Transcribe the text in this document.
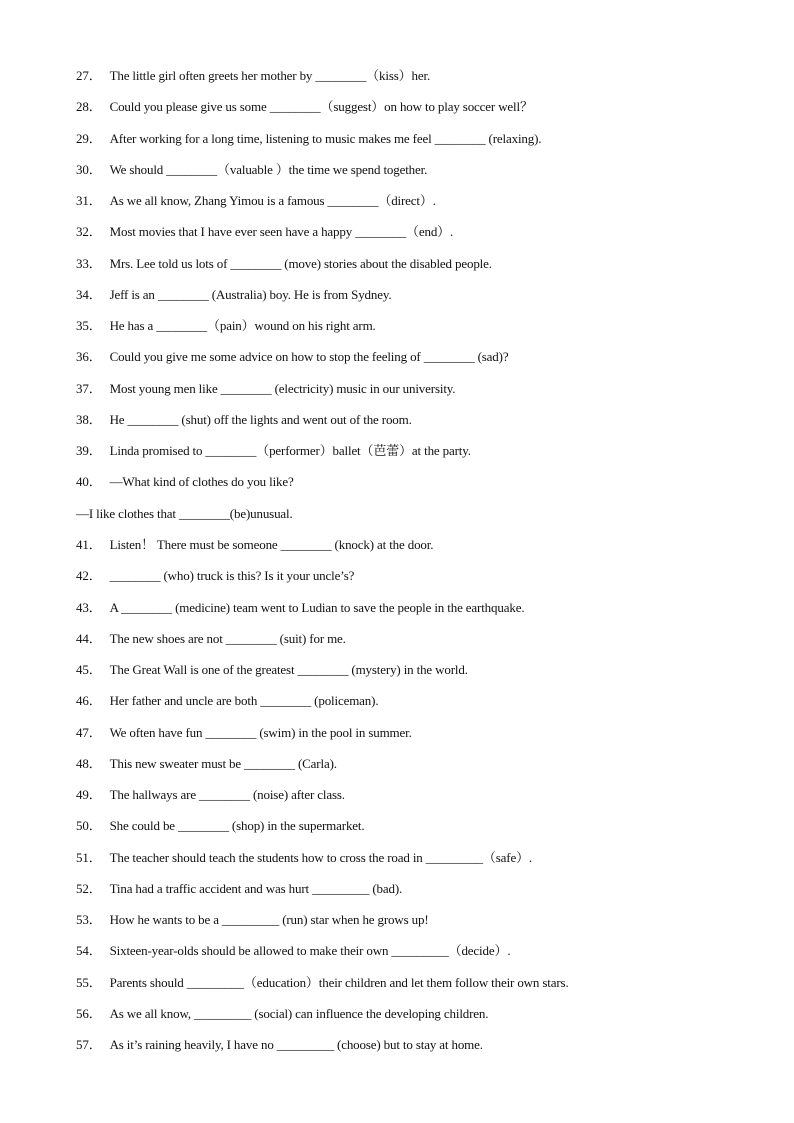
27． The little girl often greets her mother by ________（kiss）her.
28． Could you please give us some ________（suggest）on how to play soccer well？
29． After working for a long time, listening to music makes me feel ________ (relaxing).
30． We should ________（valuable ）the time we spend together.
31． As we all know, Zhang Yimou is a famous ________（direct）.
32． Most movies that I have ever seen have a happy ________（end）.
33． Mrs. Lee told us lots of ________ (move) stories about the disabled people.
34． Jeff is an ________ (Australia) boy. He is from Sydney.
35． He has a ________（pain）wound on his right arm.
36． Could you give me some advice on how to stop the feeling of ________ (sad)?
37． Most young men like ________ (electricity) music in our university.
38． He ________ (shut) off the lights and went out of the room.
39． Linda promised to ________（performer）ballet（芭蕾）at the party.
40． —What kind of clothes do you like?
—I like clothes that ________(be)unusual.
41． Listen！ There must be someone ________ (knock) at the door.
42． ________ (who) truck is this? Is it your uncle’s?
43． A ________ (medicine) team went to Ludian to save the people in the earthquake.
44． The new shoes are not ________ (suit) for me.
45． The Great Wall is one of the greatest ________ (mystery) in the world.
46． Her father and uncle are both ________ (policeman).
47． We often have fun ________ (swim) in the pool in summer.
48． This new sweater must be ________ (Carla).
49． The hallways are ________ (noise) after class.
50． She could be ________ (shop) in the supermarket.
51． The teacher should teach the students how to cross the road in _________（safe）.
52． Tina had a traffic accident and was hurt _________ (bad).
53． How he wants to be a _________ (run) star when he grows up!
54． Sixteen-year-olds should be allowed to make their own _________（decide）.
55． Parents should _________（education）their children and let them follow their own stars.
56． As we all know, _________ (social) can influence the developing children.
57． As it’s raining heavily, I have no _________ (choose) but to stay at home.
